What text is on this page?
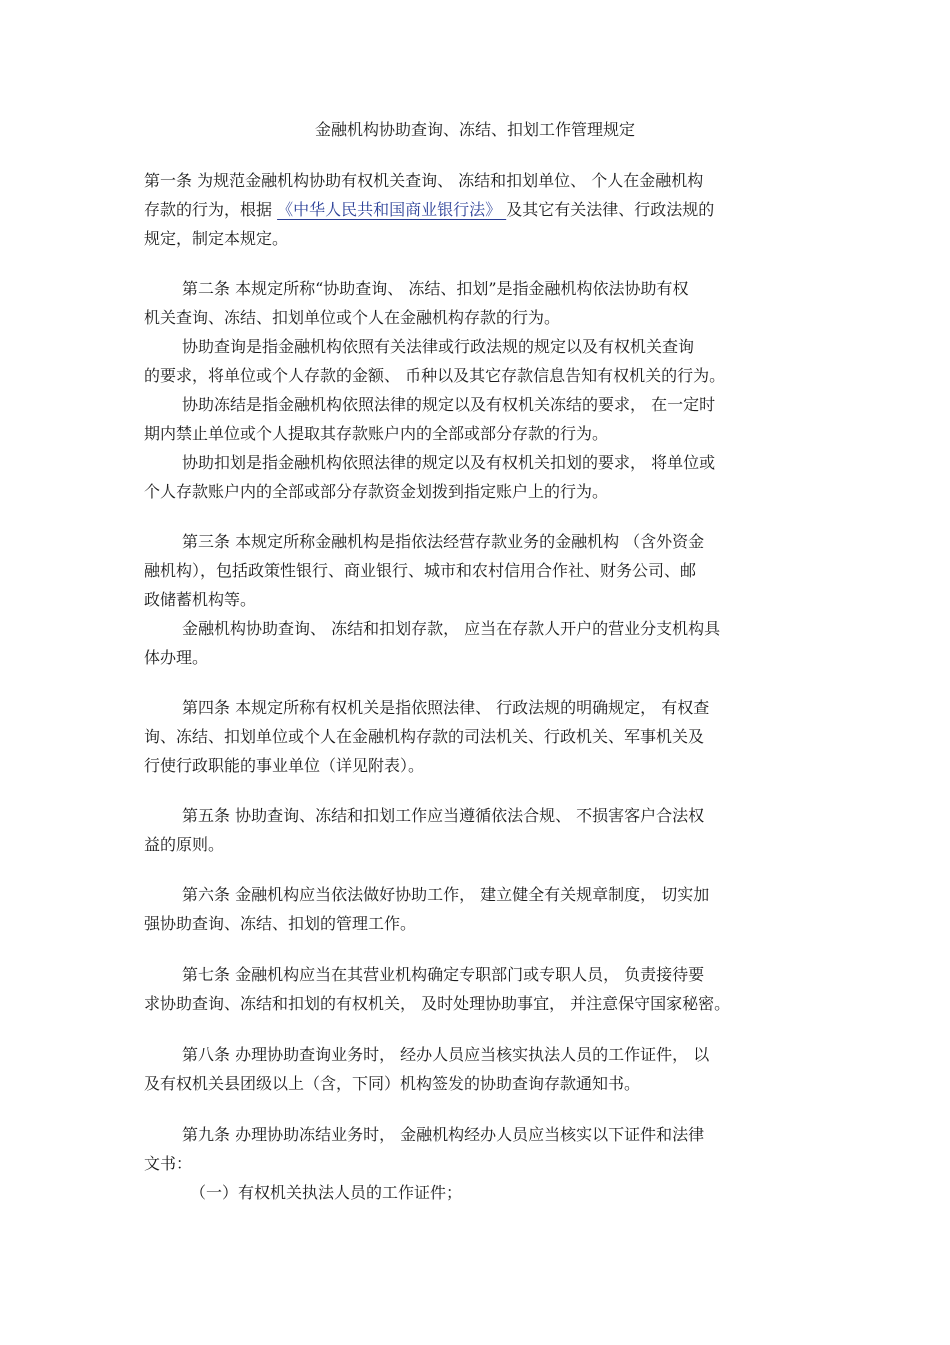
金融机构协助查询、冻结、扣划工作管理规定
第一条 为规范金融机构协助有权机关查询、 冻结和扣划单位、 个人在金融机构
存款的行为，根据 《中华人民共和国商业银行法》 及其它有关法律、行政法规的
规定，制定本规定。
第二条 本规定所称“协助查询、 冻结、扣划”是指金融机构依法协助有权
机关查询、冻结、扣划单位或个人在金融机构存款的行为。
协助查询是指金融机构依照有关法律或行政法规的规定以及有权机关查询
的要求，将单位或个人存款的金额、 币种以及其它存款信息告知有权机关的行为。
协助冻结是指金融机构依照法律的规定以及有权机关冻结的要求， 在一定时
期内禁止单位或个人提取其存款账户内的全部或部分存款的行为。
协助扣划是指金融机构依照法律的规定以及有权机关扣划的要求， 将单位或
个人存款账户内的全部或部分存款资金划拨到指定账户上的行为。
第三条 本规定所称金融机构是指依法经营存款业务的金融机构 （含外资金
融机构），包括政策性银行、商业银行、城市和农村信用合作社、财务公司、邮
政储蓄机构等。
金融机构协助查询、 冻结和扣划存款， 应当在存款人开户的营业分支机构具
体办理。
第四条 本规定所称有权机关是指依照法律、 行政法规的明确规定， 有权查
询、冻结、扣划单位或个人在金融机构存款的司法机关、行政机关、军事机关及
行使行政职能的事业单位（详见附表）。
第五条 协助查询、冻结和扣划工作应当遵循依法合规、 不损害客户合法权
益的原则。
第六条 金融机构应当依法做好协助工作， 建立健全有关规章制度， 切实加
强协助查询、冻结、扣划的管理工作。
第七条 金融机构应当在其营业机构确定专职部门或专职人员， 负责接待要
求协助查询、冻结和扣划的有权机关， 及时处理协助事宜， 并注意保守国家秘密。
第八条 办理协助查询业务时， 经办人员应当核实执法人员的工作证件， 以
及有权机关县团级以上（含，下同）机构签发的协助查询存款通知书。
第九条 办理协助冻结业务时， 金融机构经办人员应当核实以下证件和法律
文书：
（一）有权机关执法人员的工作证件；
